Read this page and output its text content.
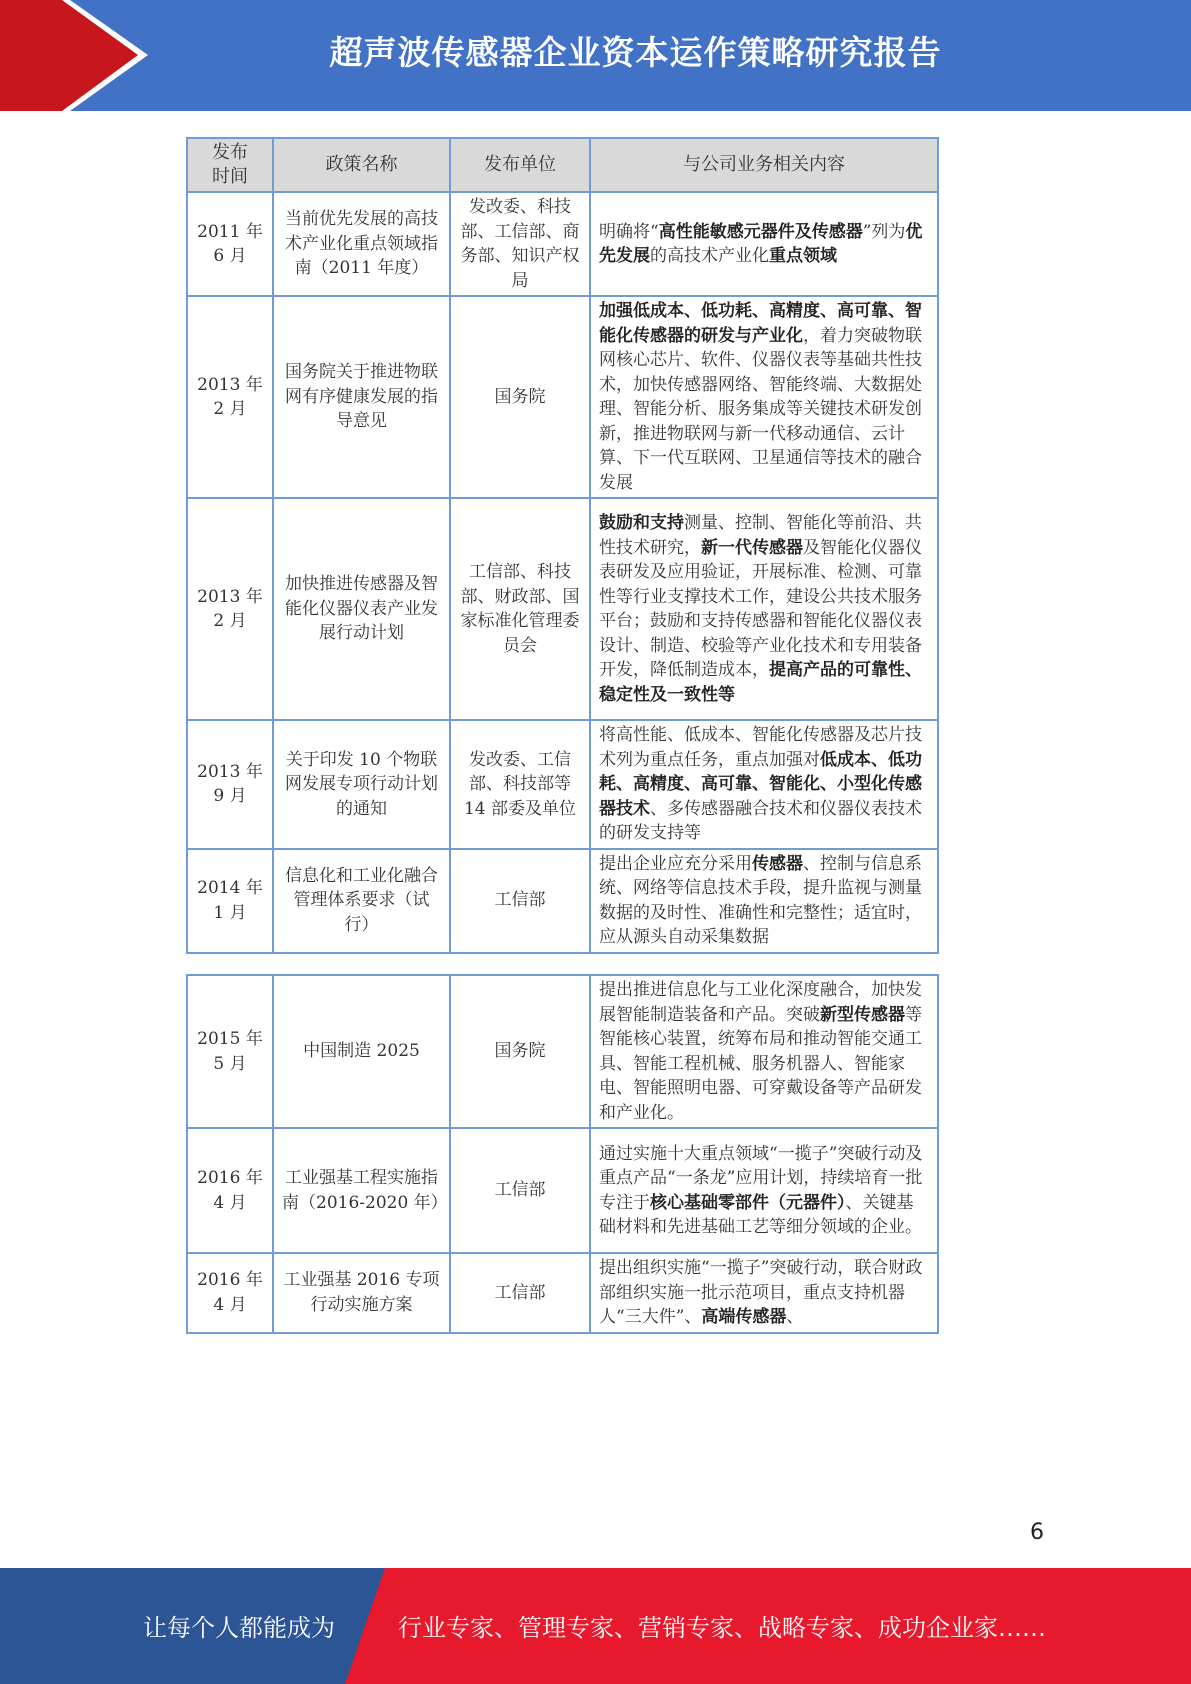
超声波传感器企业资本运作策略研究报告
发布
时间	政策名称	发布单位	与公司业务相关内容
2011 年
6 月	当前优先发展的高技术产业化重点领域指南（2011 年度）	发改委、科技部、工信部、商务部、知识产权局	明确将“高性能敏感元器件及传感器”列为优先发展的高技术产业化重点领域
2013 年
2 月	国务院关于推进物联网有序健康发展的指导意见	国务院	加强低成本、低功耗、高精度、高可靠、智能化传感器的研发与产业化，着力突破物联网核心芯片、软件、仪器仪表等基础共性技术，加快传感器网络、智能终端、大数据处理、智能分析、服务集成等关键技术研发创新，推进物联网与新一代移动通信、云计算、下一代互联网、卫星通信等技术的融合发展
2013 年
2 月	加快推进传感器及智能化仪器仪表产业发展行动计划	工信部、科技部、财政部、国家标准化管理委员会	鼓励和支持测量、控制、智能化等前沿、共性技术研究，新一代传感器及智能化仪器仪表研发及应用验证，开展标准、检测、可靠性等行业支撑技术工作，建设公共技术服务平台；鼓励和支持传感器和智能化仪器仪表设计、制造、校验等产业化技术和专用装备开发，降低制造成本，提高产品的可靠性、稳定性及一致性等
2013 年
9 月	关于印发 10 个物联网发展专项行动计划的通知	发改委、工信部、科技部等 14 部委及单位	将高性能、低成本、智能化传感器及芯片技术列为重点任务，重点加强对低成本、低功耗、高精度、高可靠、智能化、小型化传感器技术、多传感器融合技术和仪器仪表技术的研发支持等
2014 年
1 月	信息化和工业化融合管理体系要求（试行）	工信部	提出企业应充分采用传感器、控制与信息系统、网络等信息技术手段，提升监视与测量数据的及时性、准确性和完整性；适宜时，应从源头自动采集数据
2015 年
5 月	中国制造 2025	国务院	提出推进信息化与工业化深度融合，加快发展智能制造装备和产品。突破新型传感器等智能核心装置，统筹布局和推动智能交通工具、智能工程机械、服务机器人、智能家电、智能照明电器、可穿戴设备等产品研发和产业化。
2016 年
4 月	工业强基工程实施指南（2016-2020 年）	工信部	通过实施十大重点领域“一揽子”突破行动及重点产品“一条龙”应用计划，持续培育一批专注于核心基础零部件（元器件）、关键基础材料和先进基础工艺等细分领域的企业。
2016 年
4 月	工业强基 2016 专项行动实施方案	工信部	提出组织实施“一揽子”突破行动，联合财政部组织实施一批示范项目，重点支持机器人“三大件”、高端传感器、
6
让每个人都能成为	行业专家、管理专家、营销专家、战略专家、成功企业家……
